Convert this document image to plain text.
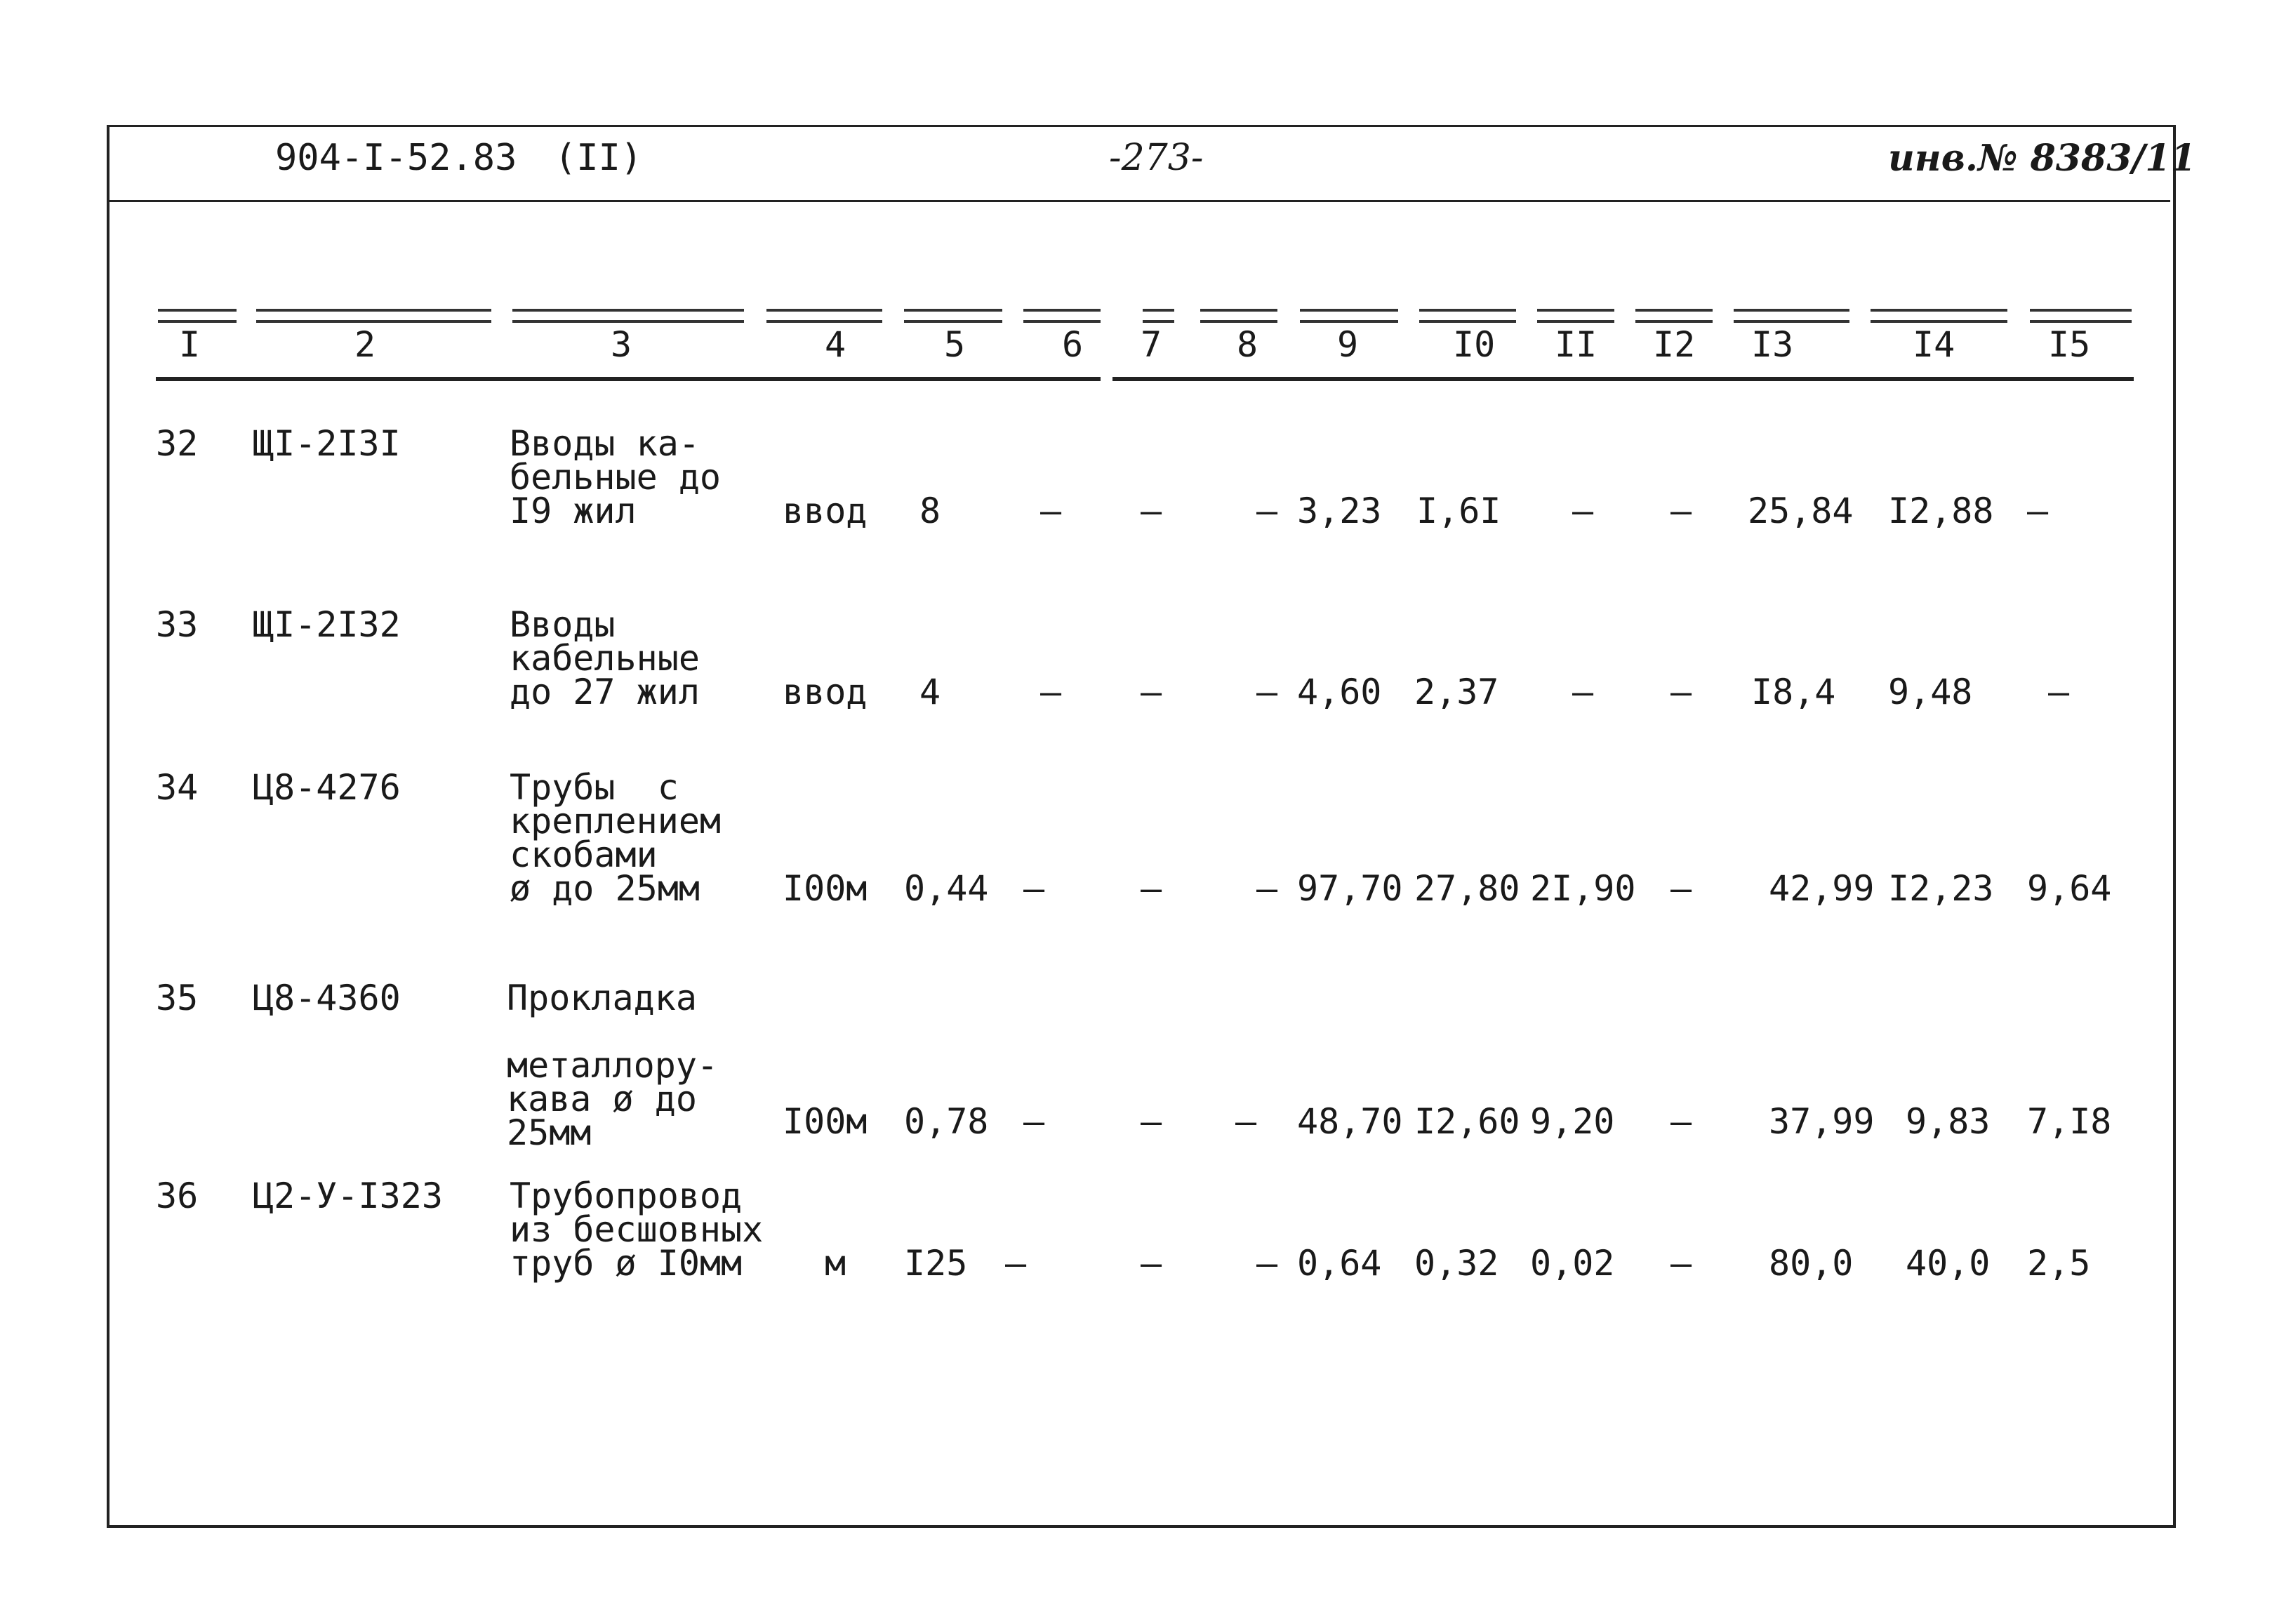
904-I-52.83 (II)	-273-	инв.№ 8383/11
I	2	3	4	5	6 7 8 9	I0 II I2 I3	I4	I5
32 ЩI-2I3I	Вводы ка-
бельные до
I9 жил	ввод 8	– –	– 3,23 I,6I – – 25,84 I2,88 –
33 ЩI-2I32	Вводы
кабельные
до 27 жил ввод 4	– –	– 4,60 2,37 – – I8,4 9,48 –
34 Ц8-4276	Трубы  с
креплением
скобами
ø до 25мм	I00м 0,44 –	–	– 97,70 27,80 2I,90 – 42,99 I2,23 9,64
35 Ц8-4360	Прокладка

металлору-
кава ø до
25мм	I00м 0,78 –	– – 48,70 I2,60 9,20 – 37,99 9,83 7,I8
36 Ц2-У-I323 Трубопровод
из бесшовных
труб ø I0мм	м I25 –	–	– 0,64 0,32 0,02 – 80,0 40,0 2,5
